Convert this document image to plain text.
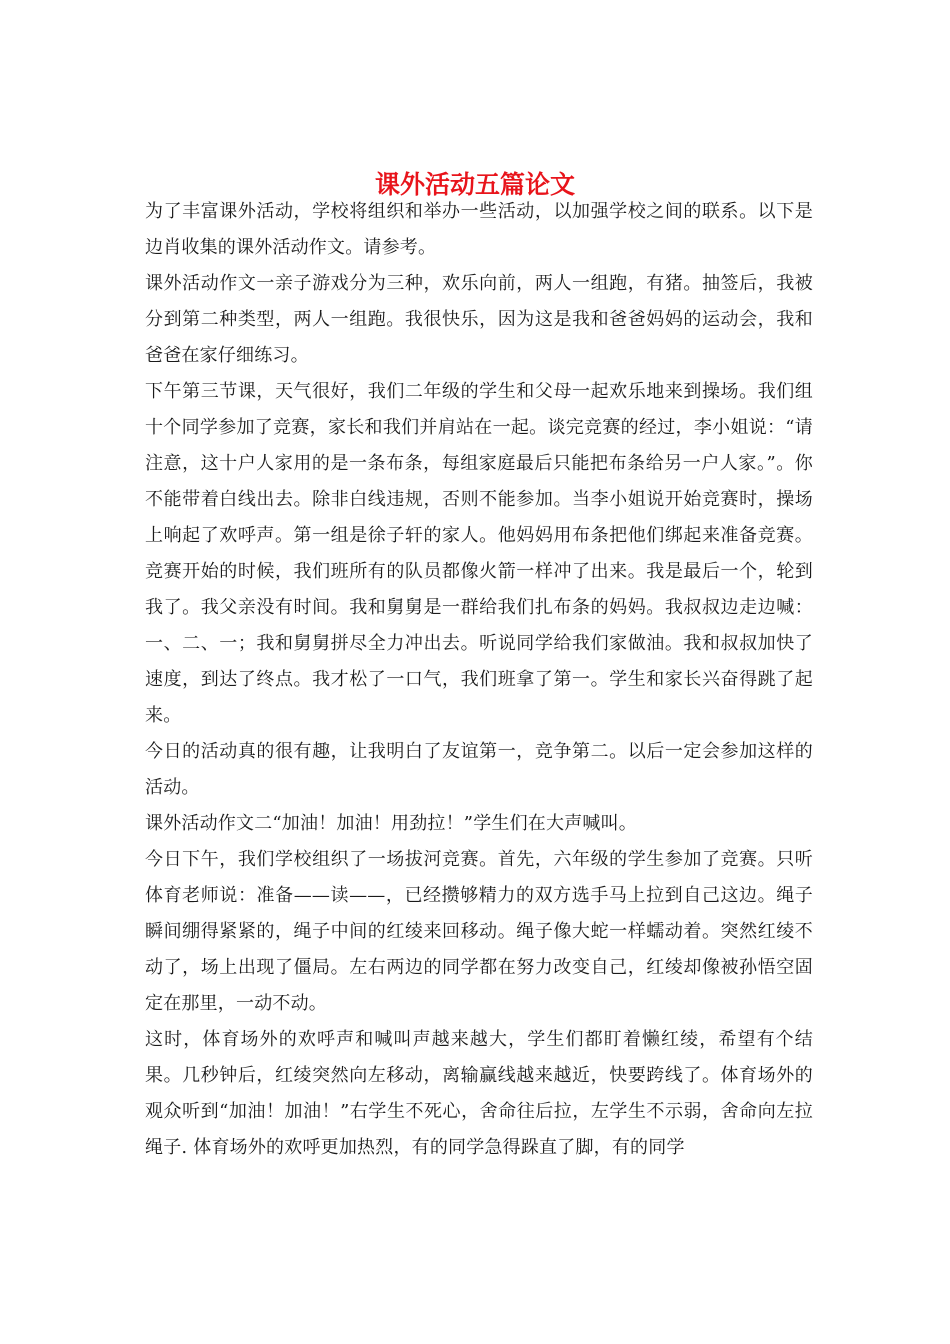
课外活动五篇论文

为了丰富课外活动，学校将组织和举办一些活动，以加强学校之间的联系。以下是边肖收集的课外活动作文。请参考。

课外活动作文一亲子游戏分为三种，欢乐向前，两人一组跑，有猪。抽签后，我被分到第二种类型，两人一组跑。我很快乐，因为这是我和爸爸妈妈的运动会，我和爸爸在家仔细练习。

下午第三节课，天气很好，我们二年级的学生和父母一起欢乐地来到操场。我们组十个同学参加了竞赛，家长和我们并肩站在一起。谈完竞赛的经过，李小姐说：“请注意，这十户人家用的是一条布条，每组家庭最后只能把布条给另一户人家。”。你不能带着白线出去。除非白线违规，否则不能参加。当李小姐说开始竞赛时，操场上响起了欢呼声。第一组是徐子轩的家人。他妈妈用布条把他们绑起来准备竞赛。竞赛开始的时候，我们班所有的队员都像火箭一样冲了出来。我是最后一个，轮到我了。我父亲没有时间。我和舅舅是一群给我们扎布条的妈妈。我叔叔边走边喊：一、二、一；我和舅舅拼尽全力冲出去。听说同学给我们家做油。我和叔叔加快了速度，到达了终点。我才松了一口气，我们班拿了第一。学生和家长兴奋得跳了起来。

今日的活动真的很有趣，让我明白了友谊第一，竞争第二。以后一定会参加这样的活动。

课外活动作文二“加油！加油！用劲拉！”学生们在大声喊叫。

今日下午，我们学校组织了一场拔河竞赛。首先，六年级的学生参加了竞赛。只听体育老师说：准备——读——，已经攒够精力的双方选手马上拉到自己这边。绳子瞬间绷得紧紧的，绳子中间的红绫来回移动。绳子像大蛇一样蠕动着。突然红绫不动了，场上出现了僵局。左右两边的同学都在努力改变自己，红绫却像被孙悟空固定在那里，一动不动。

这时，体育场外的欢呼声和喊叫声越来越大，学生们都盯着懒红绫，希望有个结果。几秒钟后，红绫突然向左移动，离输赢线越来越近，快要跨线了。体育场外的观众听到“加油！加油！”右学生不死心，舍命往后拉，左学生不示弱，舍命向左拉绳子. 体育场外的欢呼更加热烈，有的同学急得跺直了脚，有的同学
